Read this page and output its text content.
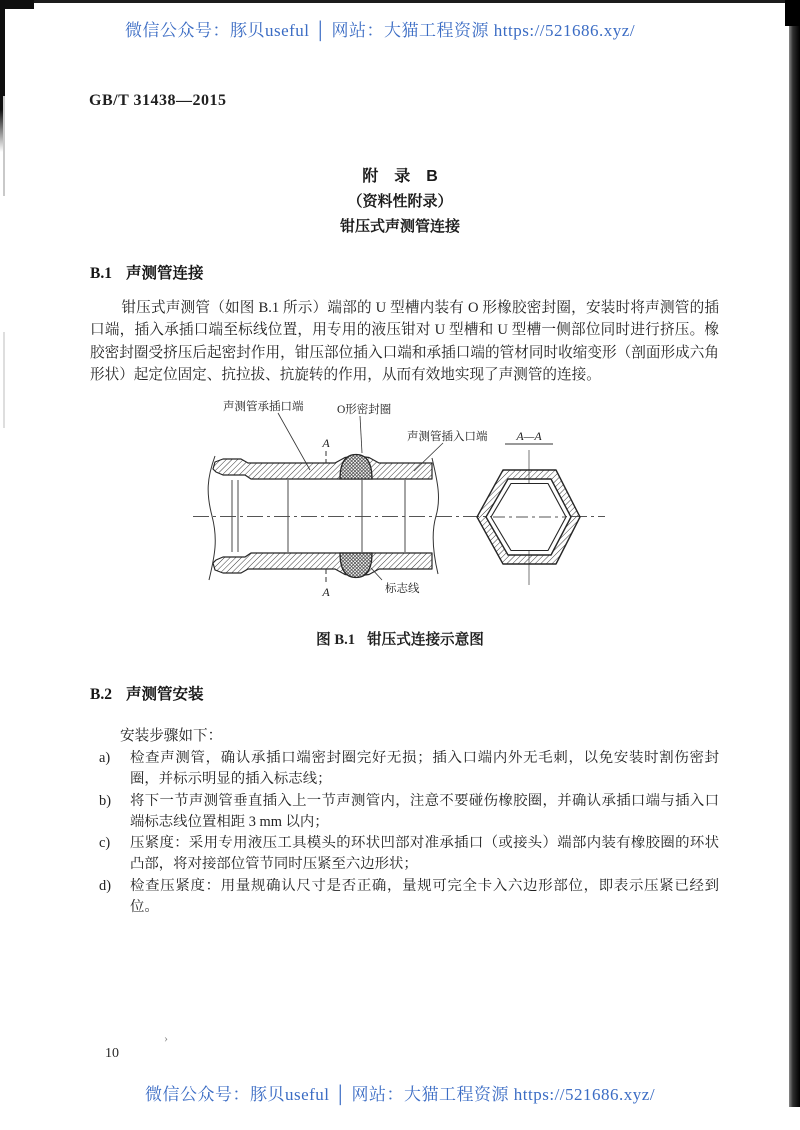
微信公众号：豚贝useful │ 网站：大猫工程资源 https://521686.xyz/
GB/T 31438—2015
附　录　B
（资料性附录）
钳压式声测管连接
B.1 声测管连接
钳压式声测管（如图 B.1 所示）端部的 U 型槽内装有 O 形橡胶密封圈，安装时将声测管的插口端，插入承插口端至标线位置，用专用的液压钳对 U 型槽和 U 型槽一侧部位同时进行挤压。橡胶密封圈受挤压后起密封作用，钳压部位插入口端和承插口端的管材同时收缩变形（剖面形成六角形状）起定位固定、抗拉拔、抗旋转的作用，从而有效地实现了声测管的连接。
A
A
声测管承插口端	O形密封圈
声测管插入口端
标志线
A—A
图 B.1 钳压式连接示意图
B.2 声测管安装
安装步骤如下：
a)	检查声测管，确认承插口端密封圈完好无损；插入口端内外无毛刺，以免安装时割伤密封圈，并标示明显的插入标志线；
b)	将下一节声测管垂直插入上一节声测管内，注意不要碰伤橡胶圈，并确认承插口端与插入口端标志线位置相距 3 mm 以内；
c)	压紧度：采用专用液压工具模头的环状凹部对准承插口（或接头）端部内装有橡胶圈的环状凸部，将对接部位管节同时压紧至六边形状；
d)	检查压紧度：用量规确认尺寸是否正确，量规可完全卡入六边形部位，即表示压紧已经到位。
›
10
微信公众号：豚贝useful │ 网站：大猫工程资源 https://521686.xyz/
